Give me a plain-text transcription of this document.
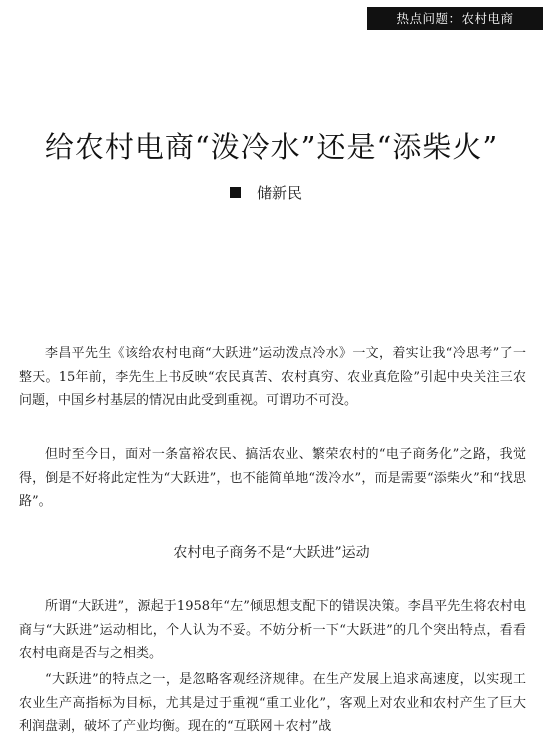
热点问题：农村电商
给农村电商“泼冷水”还是“添柴火”
储新民

李昌平先生《该给农村电商“大跃进”运动泼点冷水》一文，着实让我“冷思考”了一整天。15年前，李先生上书反映“农民真苦、农村真穷、农业真危险”引起中央关注三农问题，中国乡村基层的情况由此受到重视。可谓功不可没。

但时至今日，面对一条富裕农民、搞活农业、繁荣农村的“电子商务化”之路，我觉得，倒是不好将此定性为“大跃进”，也不能简单地“泼冷水”，而是需要“添柴火”和“找思路”。

农村电子商务不是“大跃进”运动

所谓“大跃进”，源起于1958年“左”倾思想支配下的错误决策。李昌平先生将农村电商与“大跃进”运动相比，个人认为不妥。不妨分析一下“大跃进”的几个突出特点，看看农村电商是否与之相类。

“大跃进”的特点之一，是忽略客观经济规律。在生产发展上追求高速度，以实现工农业生产高指标为目标，尤其是过于重视“重工业化”，客观上对农业和农村产生了巨大利润盘剥，破坏了产业均衡。现在的“互联网＋农村”战
